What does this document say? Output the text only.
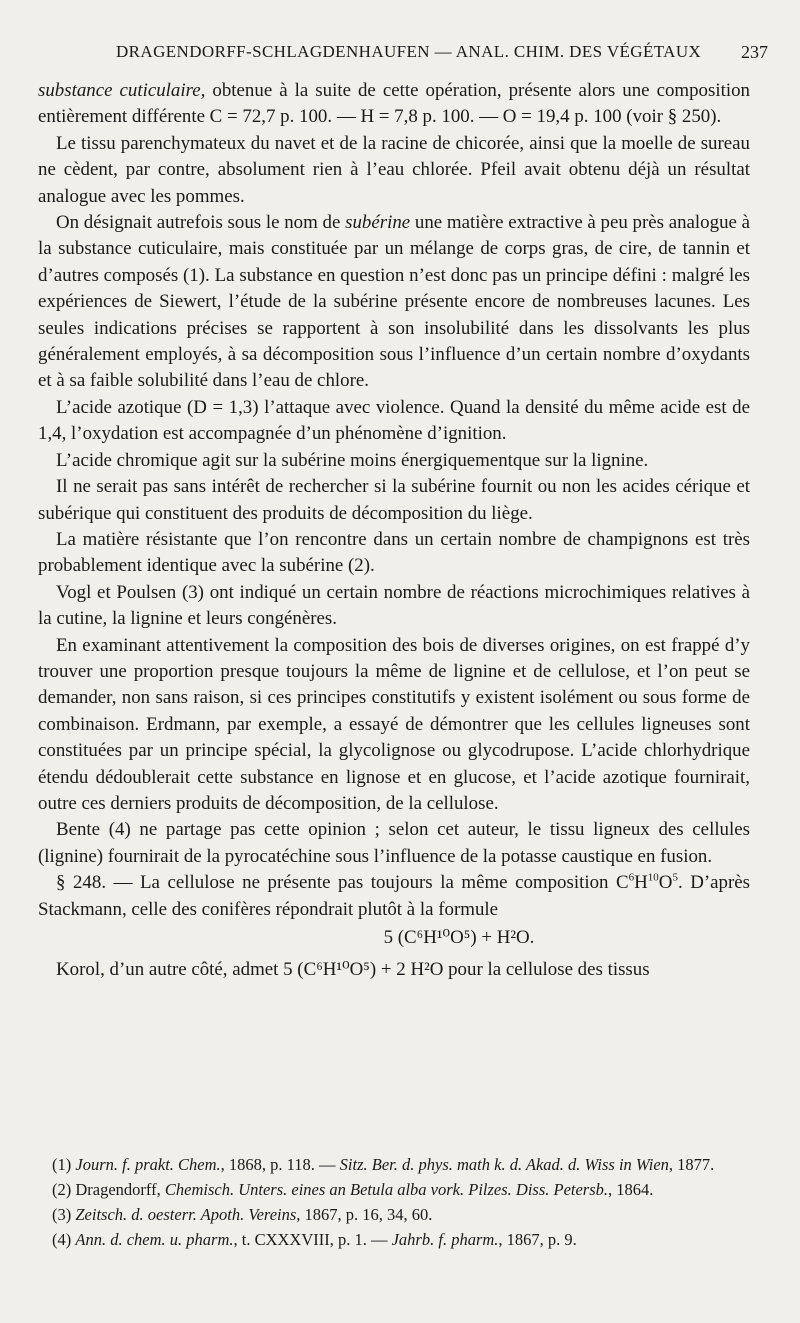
DRAGENDORFF-SCHLAGDENHAUFEN — ANAL. CHIM. DES VÉGÉTAUX 237

substance cuticulaire, obtenue à la suite de cette opération, présente alors une composition entièrement différente C = 72,7 p. 100. — H = 7,8 p. 100. — O = 19,4 p. 100 (voir § 250).

Le tissu parenchymateux du navet et de la racine de chicorée, ainsi que la moelle de sureau ne cèdent, par contre, absolument rien à l’eau chlorée. Pfeil avait obtenu déjà un résultat analogue avec les pommes.

On désignait autrefois sous le nom de subérine une matière extractive à peu près analogue à la substance cuticulaire, mais constituée par un mélange de corps gras, de cire, de tannin et d’autres composés (1). La substance en question n’est donc pas un principe défini : malgré les expériences de Siewert, l’étude de la subérine présente encore de nombreuses lacunes. Les seules indications précises se rapportent à son insolubilité dans les dissolvants les plus généralement employés, à sa décomposition sous l’influence d’un certain nombre d’oxydants et à sa faible solubilité dans l’eau de chlore.

L’acide azotique (D = 1,3) l’attaque avec violence. Quand la densité du même acide est de 1,4, l’oxydation est accompagnée d’un phénomène d’ignition.

L’acide chromique agit sur la subérine moins énergiquementque sur la lignine.

Il ne serait pas sans intérêt de rechercher si la subérine fournit ou non les acides cérique et subérique qui constituent des produits de décomposition du liège.

La matière résistante que l’on rencontre dans un certain nombre de champignons est très probablement identique avec la subérine (2).

Vogl et Poulsen (3) ont indiqué un certain nombre de réactions microchimiques relatives à la cutine, la lignine et leurs congénères.

En examinant attentivement la composition des bois de diverses origines, on est frappé d’y trouver une proportion presque toujours la même de lignine et de cellulose, et l’on peut se demander, non sans raison, si ces principes constitutifs y existent isolément ou sous forme de combinaison. Erdmann, par exemple, a essayé de démontrer que les cellules ligneuses sont constituées par un principe spécial, la glycolignose ou glycodrupose. L’acide chlorhydrique étendu dédoublerait cette substance en lignose et en glucose, et l’acide azotique fournirait, outre ces derniers produits de décomposition, de la cellulose.

Bente (4) ne partage pas cette opinion ; selon cet auteur, le tissu ligneux des cellules (lignine) fournirait de la pyrocatéchine sous l’influence de la potasse caustique en fusion.

§ 248. — La cellulose ne présente pas toujours la même composition $C^6H^{10}O^5$. D’après Stackmann, celle des conifères répondrait plutôt à la formule

5 (C⁶H¹⁰O⁵) + H²O.

Korol, d’un autre côté, admet 5 (C⁶H¹⁰O⁵) + 2 H²O pour la cellulose des tissus

(1) Journ. f. prakt. Chem., 1868, p. 118. — Sitz. Ber. d. phys. math k. d. Akad. d. Wiss in Wien, 1877.

(2) Dragendorff, Chemisch. Unters. eines an Betula alba vork. Pilzes. Diss. Petersb., 1864.

(3) Zeitsch. d. oesterr. Apoth. Vereins, 1867, p. 16, 34, 60.

(4) Ann. d. chem. u. pharm., t. CXXXVIII, p. 1. — Jahrb. f. pharm., 1867, p. 9.
